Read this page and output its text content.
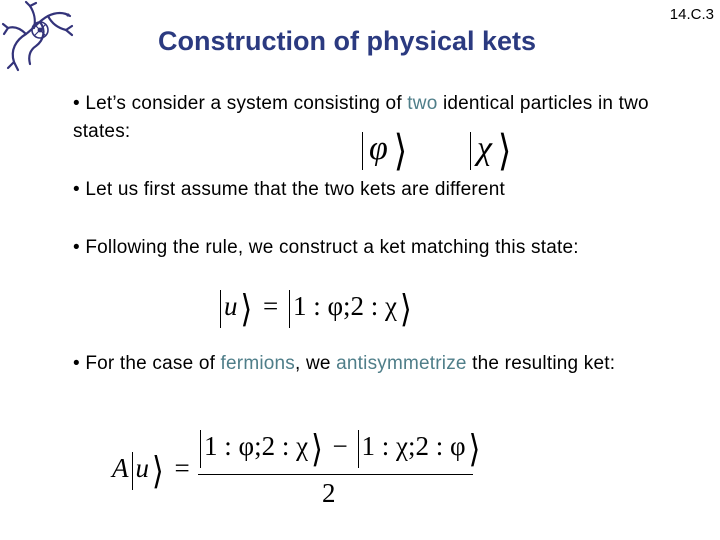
Construction of physical kets
14.C.3
• Let’s consider a system consisting of two identical particles in two states:	φ ⟩ χ ⟩
• Let us first assume that the two kets are different
• Following the rule, we construct a ket matching this state:
u ⟩ = 1 : φ;2 : χ ⟩
• For the case of fermions, we antisymmetrize the resulting ket:
A u ⟩ =
1 : φ;2 : χ ⟩ − 1 : χ;2 : φ ⟩
2
